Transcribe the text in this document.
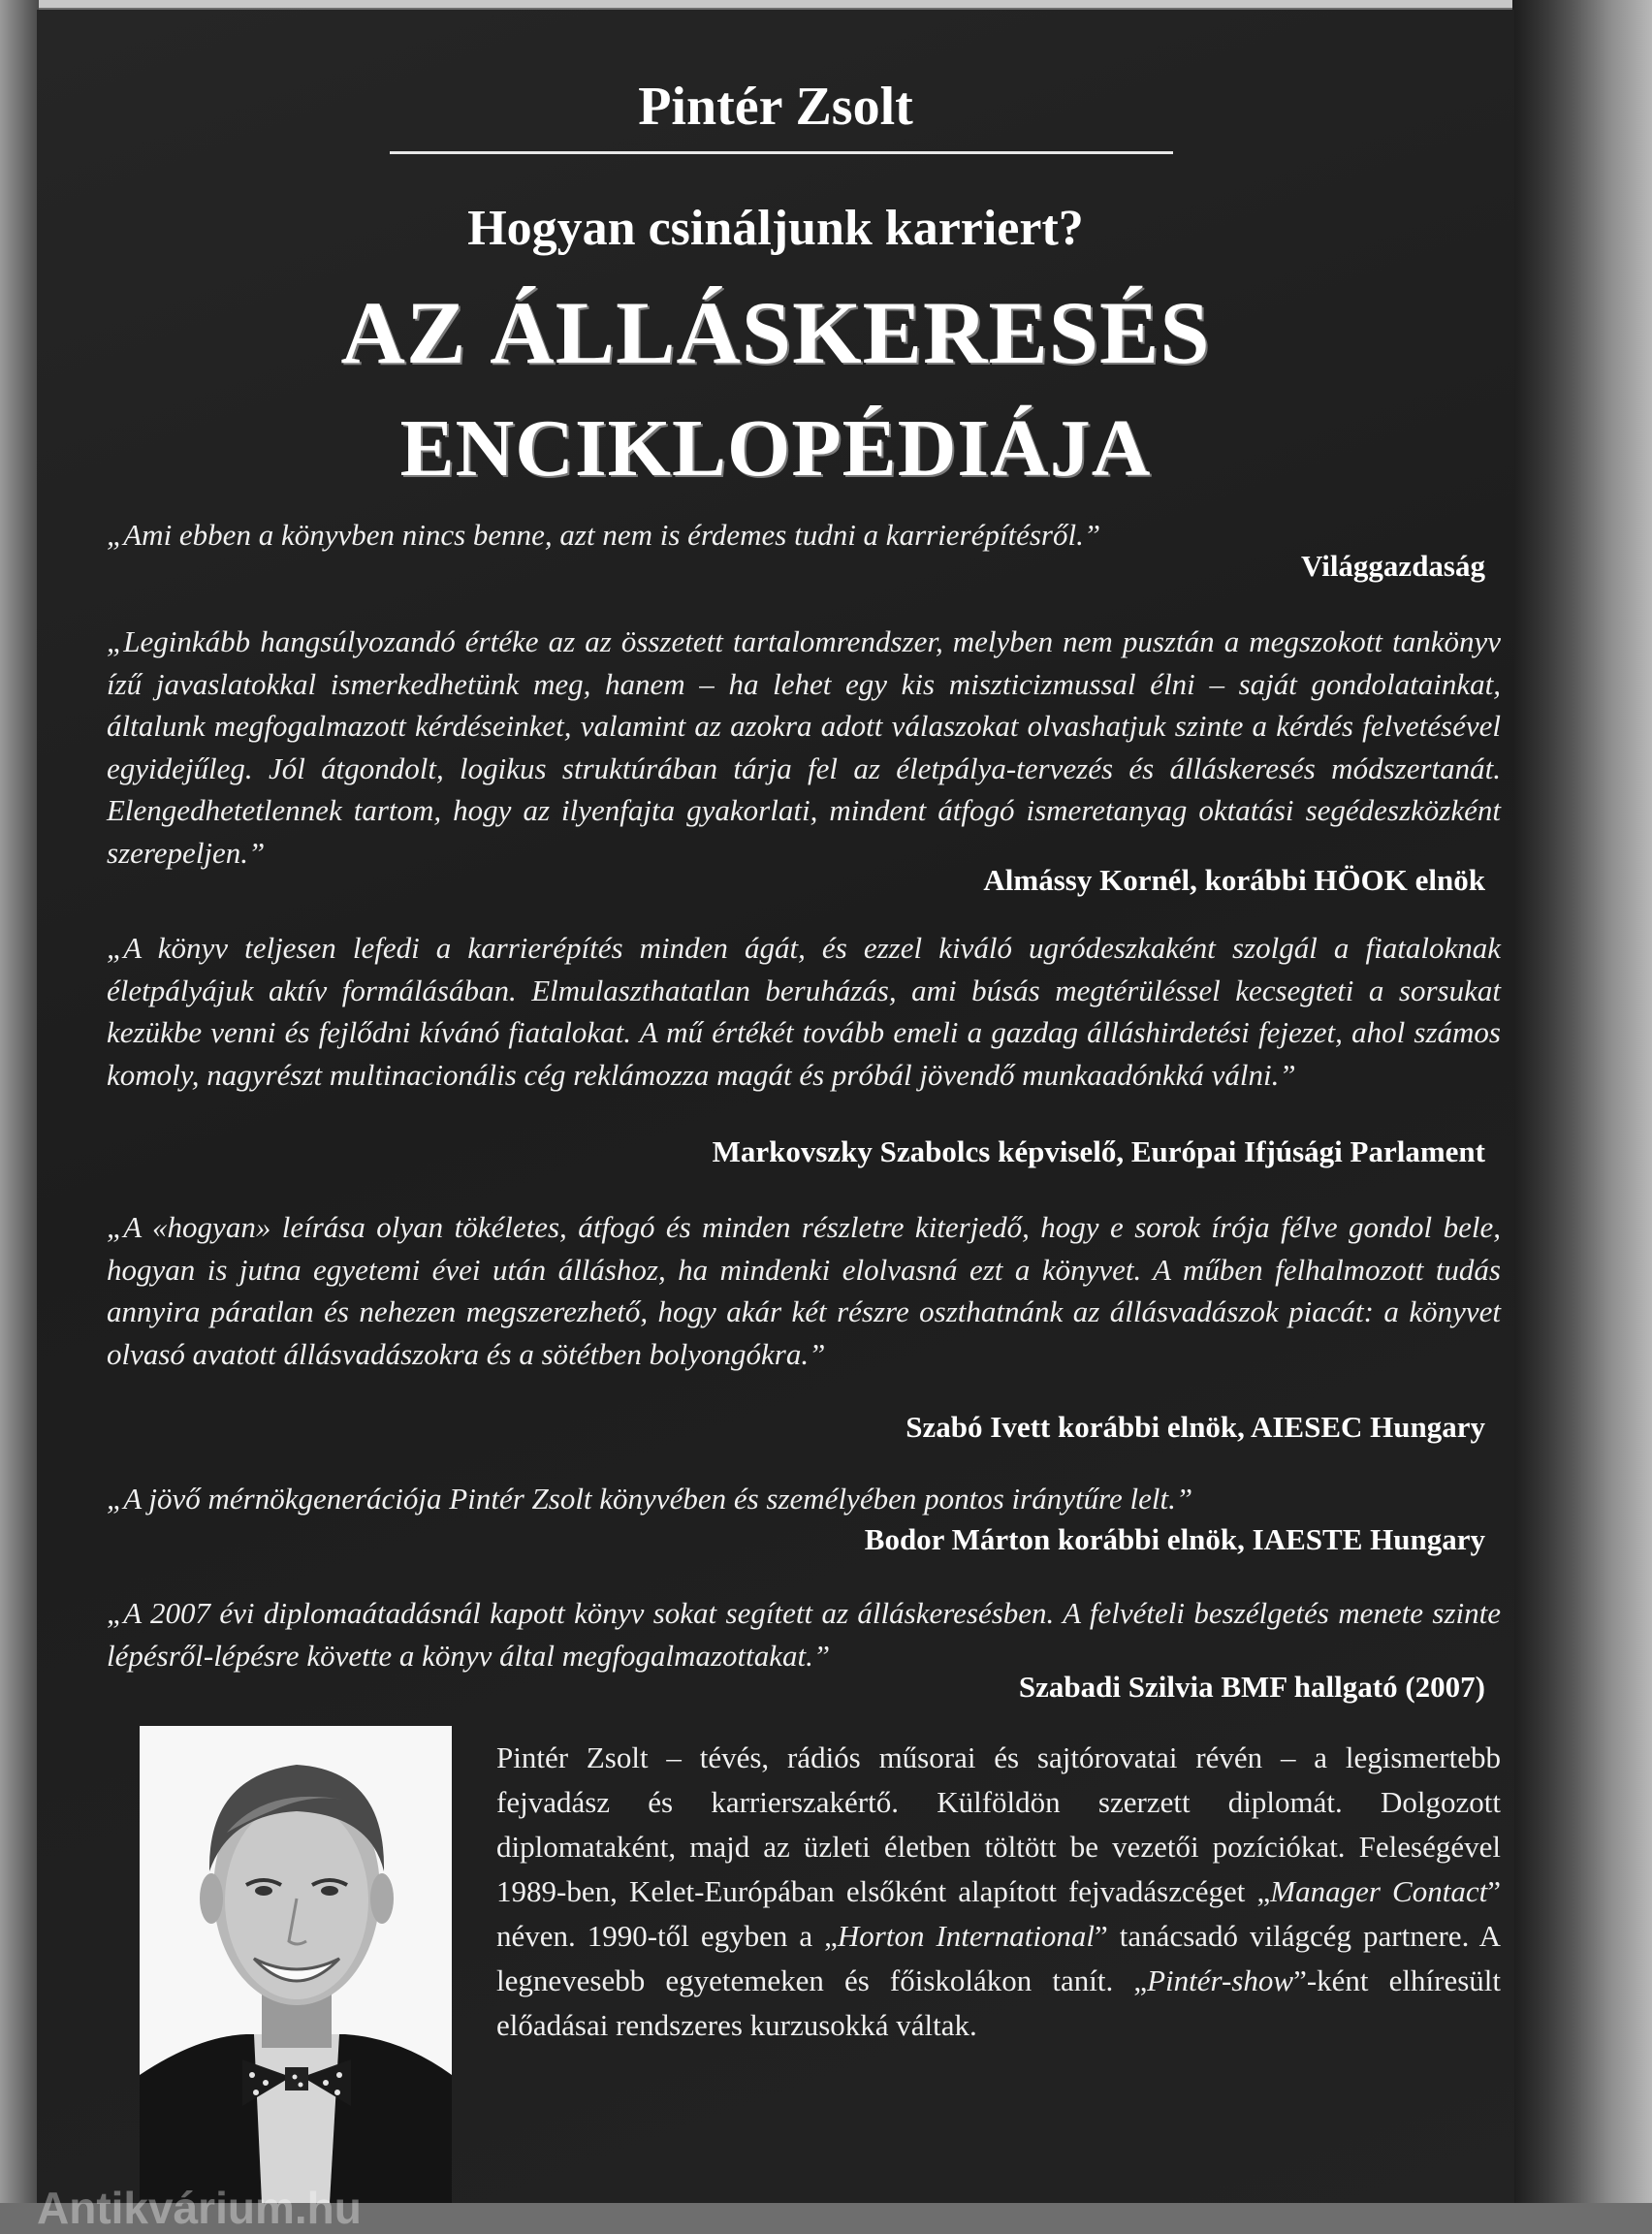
Pintér Zsolt
Hogyan csináljunk karriert?
AZ ÁLLÁSKERESÉS
ENCIKLOPÉDIÁJA
„Ami ebben a könyvben nincs benne, azt nem is érdemes tudni a karrierépítésről.”
Világgazdaság
„Leginkább hangsúlyozandó értéke az az összetett tartalomrendszer, melyben nem pusztán a megszokott tankönyv ízű javaslatokkal ismerkedhetünk meg, hanem – ha lehet egy kis miszticizmussal élni – saját gondolatainkat, általunk megfogalmazott kérdéseinket, valamint az azokra adott válaszokat olvashatjuk szinte a kérdés felvetésével egyidejűleg. Jól átgondolt, logikus struktúrában tárja fel az életpálya-tervezés és álláskeresés módszertanát. Elengedhetetlennek tartom, hogy az ilyenfajta gyakorlati, mindent átfogó ismeretanyag oktatási segédeszközként szerepeljen.”
Almássy Kornél, korábbi HÖOK elnök
„A könyv teljesen lefedi a karrierépítés minden ágát, és ezzel kiváló ugródeszkaként szolgál a fiataloknak életpályájuk aktív formálásában. Elmulaszthatatlan beruházás, ami búsás megtérüléssel kecsegteti a sorsukat kezükbe venni és fejlődni kívánó fiatalokat. A mű értékét tovább emeli a gazdag álláshirdetési fejezet, ahol számos komoly, nagyrészt multinacionális cég reklámozza magát és próbál jövendő munkaadónkká válni.”
Markovszky Szabolcs képviselő, Európai Ifjúsági Parlament
„A «hogyan» leírása olyan tökéletes, átfogó és minden részletre kiterjedő, hogy e sorok írója félve gondol bele, hogyan is jutna egyetemi évei után álláshoz, ha mindenki elolvasná ezt a könyvet. A műben felhalmozott tudás annyira páratlan és nehezen megszerezhető, hogy akár két részre oszthatnánk az állásvadászok piacát: a könyvet olvasó avatott állásvadászokra és a sötétben bolyongókra.”
Szabó Ivett korábbi elnök, AIESEC Hungary
„A jövő mérnökgenerációja Pintér Zsolt könyvében és személyében pontos iránytűre lelt.”
Bodor Márton korábbi elnök, IAESTE Hungary
„A 2007 évi diplomaátadásnál kapott könyv sokat segített az álláskeresésben. A felvételi beszélgetés menete szinte lépésről-lépésre követte a könyv által megfogalmazottakat.”
Szabadi Szilvia BMF hallgató (2007)
Pintér Zsolt – tévés, rádiós műsorai és sajtórovatai révén – a legismertebb fejvadász és karrierszakértő. Külföldön szerzett diplomát. Dolgozott diplomataként, majd az üzleti életben töltött be vezetői pozíciókat. Feleségével 1989-ben, Kelet-Európában elsőként alapított fejvadászcéget „Manager Contact” néven. 1990-től egyben a „Horton International” tanácsadó világcég partnere. A legnevesebb egyetemeken és főiskolákon tanít. „Pintér-show”-ként elhíresült előadásai rendszeres kurzusokká váltak.
Antikvárium.hu
